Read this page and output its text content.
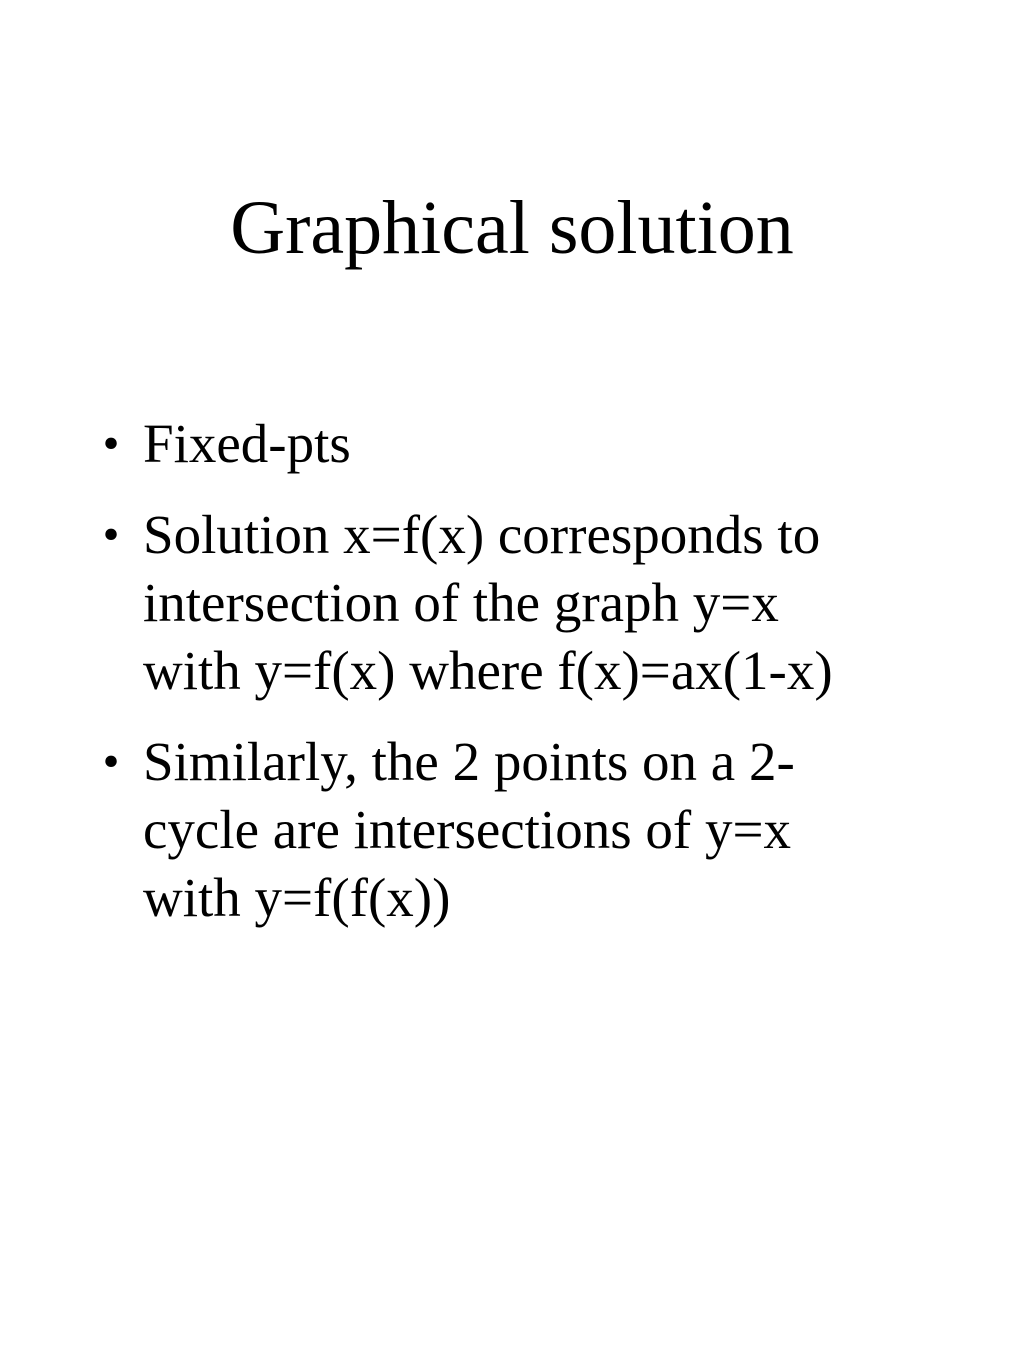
Graphical solution
• Fixed-pts
• Solution x=f(x) corresponds to
intersection of the graph y=x
with y=f(x) where f(x)=ax(1-x)
• Similarly, the 2 points on a 2-
cycle are intersections of y=x
with y=f(f(x))
